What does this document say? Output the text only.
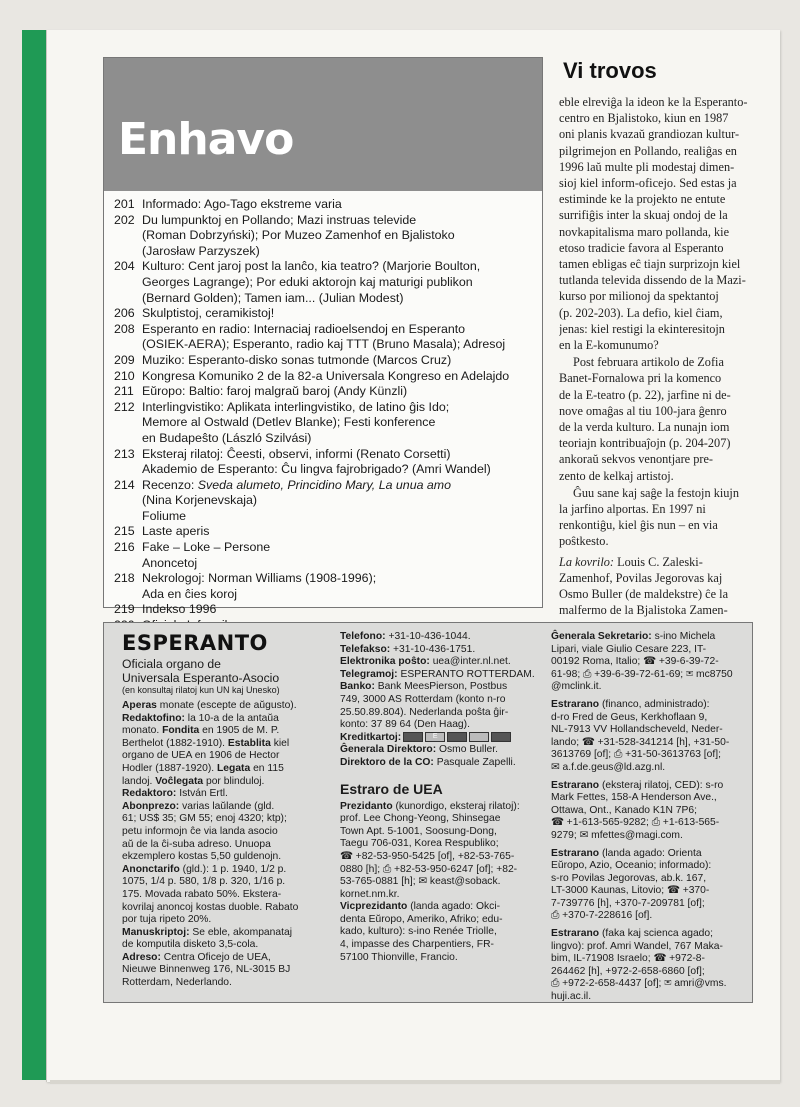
Enhavo
201 Informado: Ago-Tago ekstreme varia
202 Du lumpunktoj en Pollando; Mazi instruas televide
(Roman Dobrzyński); Por Muzeo Zamenhof en Bjalistoko
(Jarosław Parzyszek)
204 Kulturo: Cent jaroj post la lanĉo, kia teatro? (Marjorie Boulton,
Georges Lagrange); Por eduki aktorojn kaj maturigi publikon
(Bernard Golden); Tamen iam... (Julian Modest)
206 Skulptistoj, ceramikistoj!
208 Esperanto en radio: Internaciaj radioelsendoj en Esperanto
(OSIEK-AERA); Esperanto, radio kaj TTT (Bruno Masala); Adresoj
209 Muziko: Esperanto-disko sonas tutmonde (Marcos Cruz)
210 Kongresa Komuniko 2 de la 82-a Universala Kongreso en Adelajdo
211 Eŭropo: Baltio: faroj malgraŭ baroj (Andy Künzli)
212 Interlingvistiko: Aplikata interlingvistiko, de latino ĝis Ido;
Memore al Ostwald (Detlev Blanke); Festi konference
en Budapeŝto (László Szilvási)
213 Eksteraj rilatoj: Ĉeesti, observi, informi (Renato Corsetti)
Akademio de Esperanto: Ĉu lingva fajrobrigado? (Amri Wandel)
214 Recenzo: Sveda alumeto, Princidino Mary, La unua amo
(Nina Korjenevskaja)
Foliume
215 Laste aperis
216 Fake – Loke – Persone
Anoncetoj
218 Nekrologoj: Norman Williams (1908-1996);
Ada en ĉies koroj
219 Indekso 1996
Vi trovos
eble elreviĝa la ideon ke la Esperanto-
centro en Bjalistoko, kiun en 1987
oni planis kvazaŭ grandiozan kultur-
pilgrimejon en Pollando, realiĝas en
1996 laŭ multe pli modestaj dimen-
sioj kiel inform-oficejo. Sed estas ja
estiminde ke la projekto ne entute
surrifiĝis inter la skuaj ondoj de la
novkapitalisma maro pollanda, kie
etoso tradicie favora al Esperanto
tamen ebligas eĉ tiajn surprizojn kiel
tutlanda televida dissendo de la Mazi-
kurso por milionoj da spektantoj
(p. 202-203). La defio, kiel ĉiam,
jenas: kiel restigi la ekinteresitojn
en la E-komunumo?
Post februara artikolo de Zofia
Banet-Fornalowa pri la komenco
de la E-teatro (p. 22), jarfine ni de-
nove omaĝas al tiu 100-jara ĝenro
de la verda kulturo. La nunajn iom
teoriajn kontribuaĵojn (p. 204-207)
ankoraŭ sekvos venontjare pre-
zento de kelkaj artistoj.
Ĝuu sane kaj saĝe la festojn kiujn
la jarfino alportas. En 1997 ni
renkontiĝu, kiel ĝis nun – en via
poŝtkesto.
La kovrilo: Louis C. Zaleski-
Zamenhof, Povilas Jegorovas kaj
Osmo Buller (de maldekstre) ĉe la
malfermo de la Bjalistoka Zamen-
ESPERANTO
Oficiala organo de
Universala Esperanto-Asocio
(en konsultaj rilatoj kun UN kaj Unesko)
Aperas monate (escepte de aŭgusto).
Redaktofino: la 10-a de la antaŭa
monato. Fondita en 1905 de M. P.
Berthelot (1882-1910). Establita kiel
organo de UEA en 1906 de Hector
Hodler (1887-1920). Legata en 115
landoj. Voĉlegata por blinduloj.
Redaktoro: István Ertl.
Abonprezo: varias laŭlande (gld.
61; US$ 35; GM 55; enoj 4320; ktp);
petu informojn ĉe via landa asocio
aŭ de la ĉi-suba adreso. Unuopa
ekzemplero kostas 5,50 guldenojn.
Anonctarifo (gld.): 1 p. 1940, 1/2 p.
1075, 1/4 p. 580, 1/8 p. 320, 1/16 p.
175. Movada rabato 50%. Ekstera-
kovrilaj anoncoj kostas duoble. Rabato
por tuja ripeto 20%.
Manuskriptoj: Se eble, akompanataj
de komputila disketo 3,5-cola.
Adreso: Centra Oficejo de UEA,
Nieuwe Binnenweg 176, NL-3015 BJ
Rotterdam, Nederlando.
Telefono: +31-10-436-1044.
Telefakso: +31-10-436-1751.
Elektronika poŝto: uea@inter.nl.net.
Telegramoj: ESPERANTO ROTTERDAM.
Banko: Bank MeesPierson, Postbus
749, 3000 AS Rotterdam (konto n-ro
25.50.89.804). Nederlanda poŝta ĝir-
konto: 37 89 64 (Den Haag).
Kreditkartoj:	E
Ĝenerala Direktoro: Osmo Buller.
Direktoro de la CO: Pasquale Zapelli.
Estraro de UEA
Prezidanto (kunordigo, eksteraj rilatoj):
prof. Lee Chong-Yeong, Shinsegae
Town Apt. 5-1001, Soosung-Dong,
Taegu 706-031, Korea Respubliko;
☎ +82-53-950-5425 [of], +82-53-765-
0880 [h]; ⎙ +82-53-950-6247 [of]; +82-
53-765-0881 [h]; ✉ keast@soback.
kornet.nm.kr.
Vicprezidanto (landa agado: Okci-
denta Eŭropo, Ameriko, Afriko; edu-
kado, kulturo): s-ino Renée Triolle,
4, impasse des Charpentiers, FR-
57100 Thionville, Francio.
Ĝenerala Sekretario: s-ino Michela
Lipari, viale Giulio Cesare 223, IT-
00192 Roma, Italio; ☎ +39-6-39-72-
61-98; ⎙ +39-6-39-72-61-69; ✉ mc8750
@mclink.it.
Estrarano (financo, administrado):
d-ro Fred de Geus, Kerkhoflaan 9,
NL-7913 VV Hollandscheveld, Neder-
lando; ☎ +31-528-341214 [h], +31-50-
3613769 [of]; ⎙ +31-50-3613763 [of];
✉ a.f.de.geus@ld.azg.nl.
Estrarano (eksteraj rilatoj, CED): s-ro
Mark Fettes, 158-A Henderson Ave.,
Ottawa, Ont., Kanado K1N 7P6;
☎ +1-613-565-9282; ⎙ +1-613-565-
9279; ✉ mfettes@magi.com.
Estrarano (landa agado: Orienta
Eŭropo, Azio, Oceanio; informado):
s-ro Povilas Jegorovas, ab.k. 167,
LT-3000 Kaunas, Litovio; ☎ +370-
7-739776 [h], +370-7-209781 [of];
⎙ +370-7-228616 [of].
Estrarano (faka kaj scienca agado;
lingvo): prof. Amri Wandel, 767 Maka-
bim, IL-71908 Israelo; ☎ +972-8-
264462 [h], +972-2-658-6860 [of];
⎙ +972-2-658-4437 [of]; ✉ amri@vms.
huji.ac.il.
